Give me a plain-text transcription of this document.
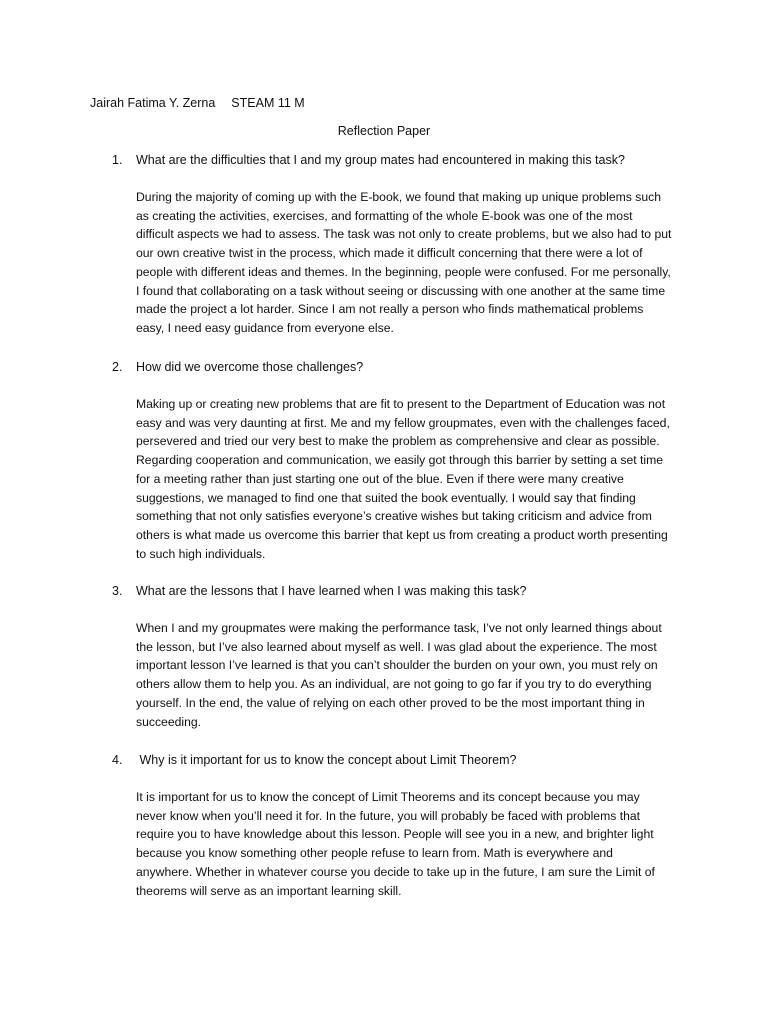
Jairah Fatima Y. Zerna STEAM 11 M
Reflection Paper
1. What are the difficulties that I and my group mates had encountered in making this task?

During the majority of coming up with the E-book, we found that making up unique problems such as creating the activities, exercises, and formatting of the whole E-book was one of the most difficult aspects we had to assess. The task was not only to create problems, but we also had to put our own creative twist in the process, which made it difficult concerning that there were a lot of people with different ideas and themes. In the beginning, people were confused. For me personally, I found that collaborating on a task without seeing or discussing with one another at the same time made the project a lot harder. Since I am not really a person who finds mathematical problems easy, I need easy guidance from everyone else.

2. How did we overcome those challenges?

Making up or creating new problems that are fit to present to the Department of Education was not easy and was very daunting at first. Me and my fellow groupmates, even with the challenges faced, persevered and tried our very best to make the problem as comprehensive and clear as possible. Regarding cooperation and communication, we easily got through this barrier by setting a set time for a meeting rather than just starting one out of the blue. Even if there were many creative suggestions, we managed to find one that suited the book eventually. I would say that finding something that not only satisfies everyone’s creative wishes but taking criticism and advice from others is what made us overcome this barrier that kept us from creating a product worth presenting to such high individuals.

3. What are the lessons that I have learned when I was making this task?

When I and my groupmates were making the performance task, I’ve not only learned things about the lesson, but I’ve also learned about myself as well. I was glad about the experience. The most important lesson I’ve learned is that you can’t shoulder the burden on your own, you must rely on others allow them to help you. As an individual, are not going to go far if you try to do everything yourself. In the end, the value of relying on each other proved to be the most important thing in succeeding.

4. Why is it important for us to know the concept about Limit Theorem?

It is important for us to know the concept of Limit Theorems and its concept because you may never know when you’ll need it for. In the future, you will probably be faced with problems that require you to have knowledge about this lesson. People will see you in a new, and brighter light because you know something other people refuse to learn from. Math is everywhere and anywhere. Whether in whatever course you decide to take up in the future, I am sure the Limit of theorems will serve as an important learning skill.
